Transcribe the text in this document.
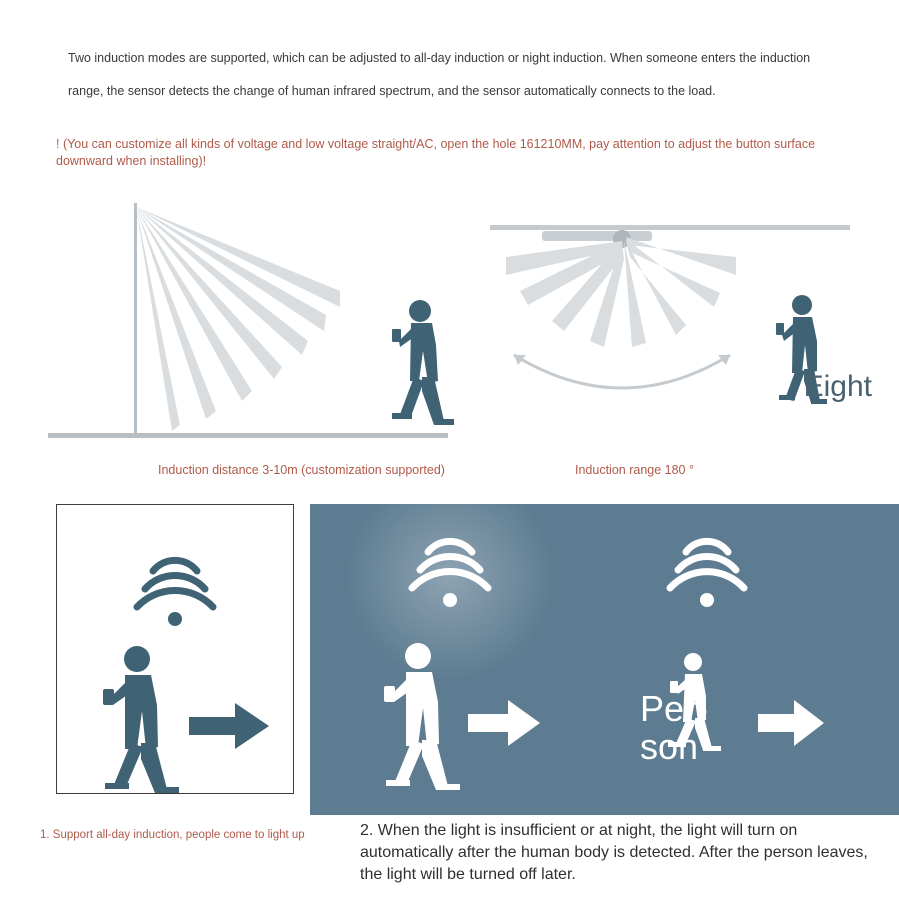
Two induction modes are supported, which can be adjusted to all-day induction or night induction. When someone enters the induction range, the sensor detects the change of human infrared spectrum, and the sensor automatically connects to the load.
! (You can customize all kinds of voltage and low voltage straight/AC, open the hole 161210MM, pay attention to adjust the button surface downward when installing)!
Induction distance 3-10m (customization supported)	Induction range 180 °
Eight
Per-
son
1. Support all-day induction, people come to light up	2. When the light is insufficient or at night, the light will turn on automatically after the human body is detected. After the person leaves, the light will be turned off later.
